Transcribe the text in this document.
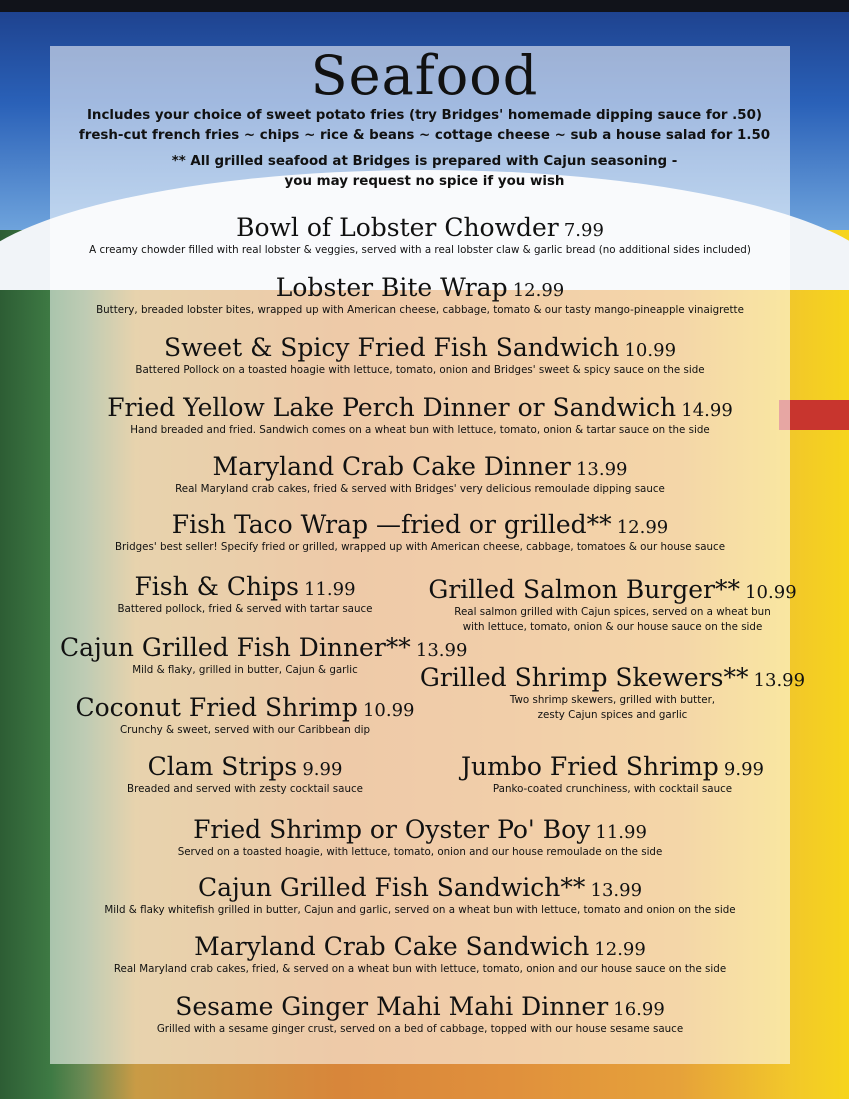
Seafood
Includes your choice of sweet potato fries (try Bridges' homemade dipping sauce for .50)
fresh-cut french fries ~ chips ~ rice & beans ~ cottage cheese ~ sub a house salad for 1.50
** All grilled seafood at Bridges is prepared with Cajun seasoning -
you may request no spice if you wish
Bowl of Lobster Chowder 7.99
A creamy chowder filled with real lobster & veggies, served with a real lobster claw & garlic bread (no additional sides included)
Lobster Bite Wrap 12.99
Buttery, breaded lobster bites, wrapped up with American cheese, cabbage, tomato & our tasty mango-pineapple vinaigrette
Sweet & Spicy Fried Fish Sandwich 10.99
Battered Pollock on a toasted hoagie with lettuce, tomato, onion and Bridges' sweet & spicy sauce on the side
Fried Yellow Lake Perch Dinner or Sandwich 14.99
Hand breaded and fried. Sandwich comes on a wheat bun with lettuce, tomato, onion & tartar sauce on the side
Maryland Crab Cake Dinner 13.99
Real Maryland crab cakes, fried & served with Bridges' very delicious remoulade dipping sauce
Fish Taco Wrap —fried or grilled** 12.99
Bridges' best seller! Specify fried or grilled, wrapped up with American cheese, cabbage, tomatoes & our house sauce
Fish & Chips 11.99
Battered pollock, fried & served with tartar sauce
Cajun Grilled Fish Dinner** 13.99
Mild & flaky, grilled in butter, Cajun & garlic
Coconut Fried Shrimp 10.99
Crunchy & sweet, served with our Caribbean dip
Clam Strips 9.99
Breaded and served with zesty cocktail sauce
Grilled Salmon Burger** 10.99
Real salmon grilled with Cajun spices, served on a wheat bun
with lettuce, tomato, onion & our house sauce on the side
Grilled Shrimp Skewers** 13.99
Two shrimp skewers, grilled with butter,
zesty Cajun spices and garlic
Jumbo Fried Shrimp 9.99
Panko-coated crunchiness, with cocktail sauce
Fried Shrimp or Oyster Po' Boy 11.99
Served on a toasted hoagie, with lettuce, tomato, onion and our house remoulade on the side
Cajun Grilled Fish Sandwich** 13.99
Mild & flaky whitefish grilled in butter, Cajun and garlic, served on a wheat bun with lettuce, tomato and onion on the side
Maryland Crab Cake Sandwich 12.99
Real Maryland crab cakes, fried, & served on a wheat bun with lettuce, tomato, onion and our house sauce on the side
Sesame Ginger Mahi Mahi Dinner 16.99
Grilled with a sesame ginger crust, served on a bed of cabbage, topped with our house sesame sauce
